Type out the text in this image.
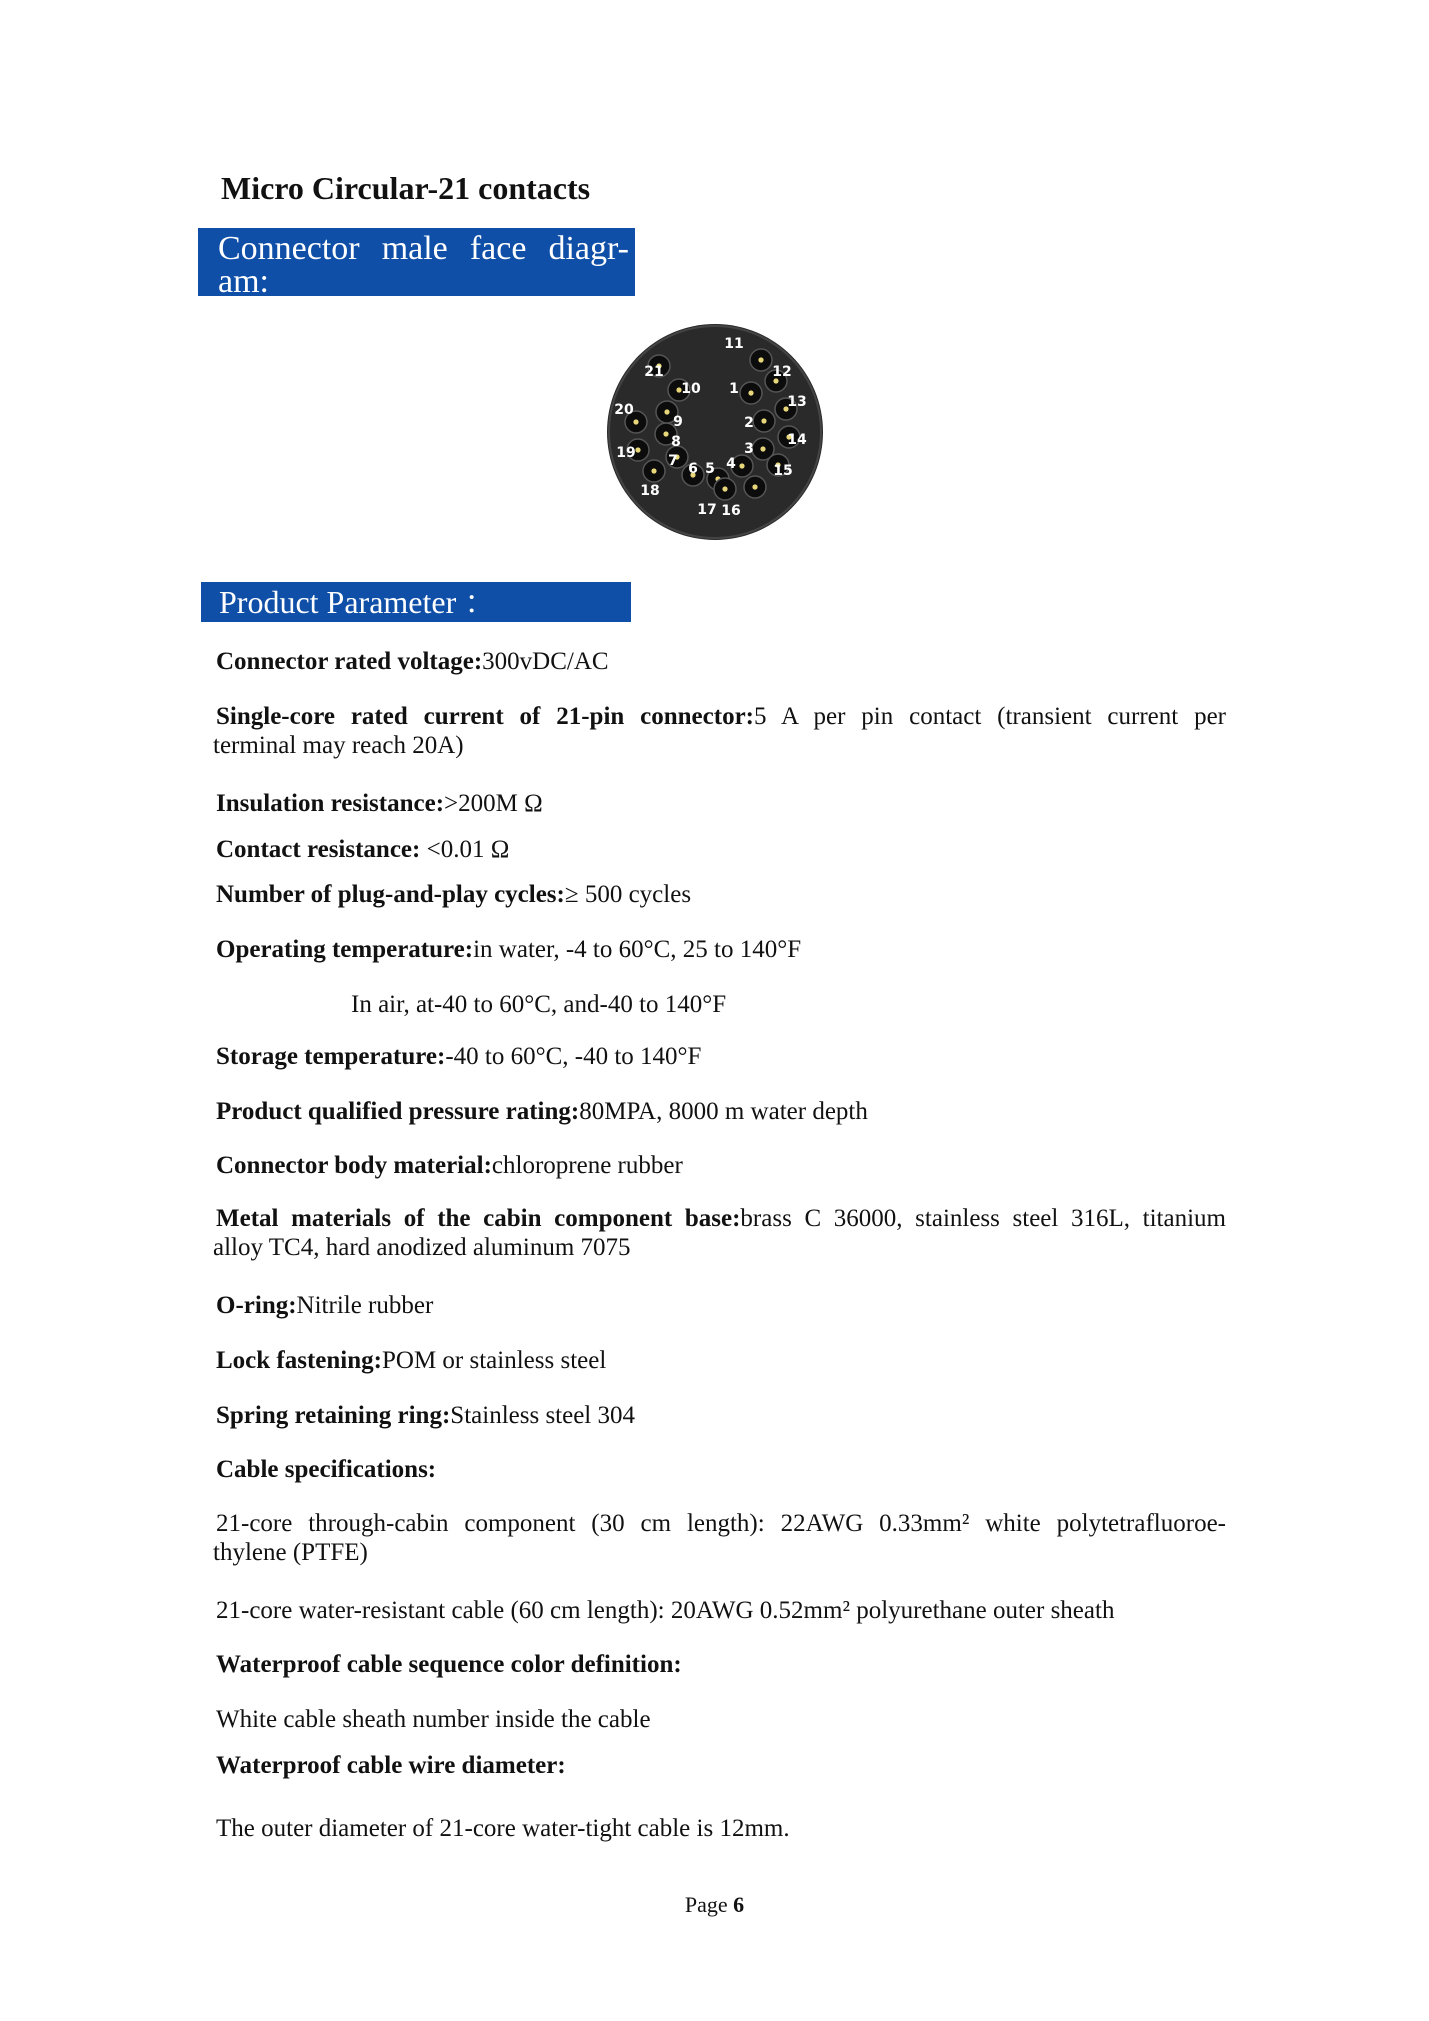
Micro Circular-21 contacts
Connector male face diagr-
am:
1
2
3
4
5
6
7
8
9
10
11
12
13
14
15
16
17
18
19
20
21
Product Parameter ：
Connector rated voltage:300vDC/AC
Single-core rated current of 21-pin connector:5 A per pin contact (transient current per
terminal may reach 20A)
Insulation resistance:>200M Ω
Contact resistance: <0.01 Ω
Number of plug-and-play cycles:≥ 500 cycles
Operating temperature:in water, -4 to 60°C, 25 to 140°F
In air, at-40 to 60°C, and-40 to 140°F
Storage temperature:-40 to 60°C, -40 to 140°F
Product qualified pressure rating:80MPA, 8000 m water depth
Connector body material:chloroprene rubber
Metal materials of the cabin component base:brass C 36000, stainless steel 316L, titanium
alloy TC4, hard anodized aluminum 7075
O-ring:Nitrile rubber
Lock fastening:POM or stainless steel
Spring retaining ring:Stainless steel 304
Cable specifications:
21-core through-cabin component (30 cm length): 22AWG 0.33mm² white polytetrafluoroe-
thylene (PTFE)
21-core water-resistant cable (60 cm length): 20AWG 0.52mm² polyurethane outer sheath
Waterproof cable sequence color definition:
White cable sheath number inside the cable
Waterproof cable wire diameter:
The outer diameter of 21-core water-tight cable is 12mm.
Page 6
